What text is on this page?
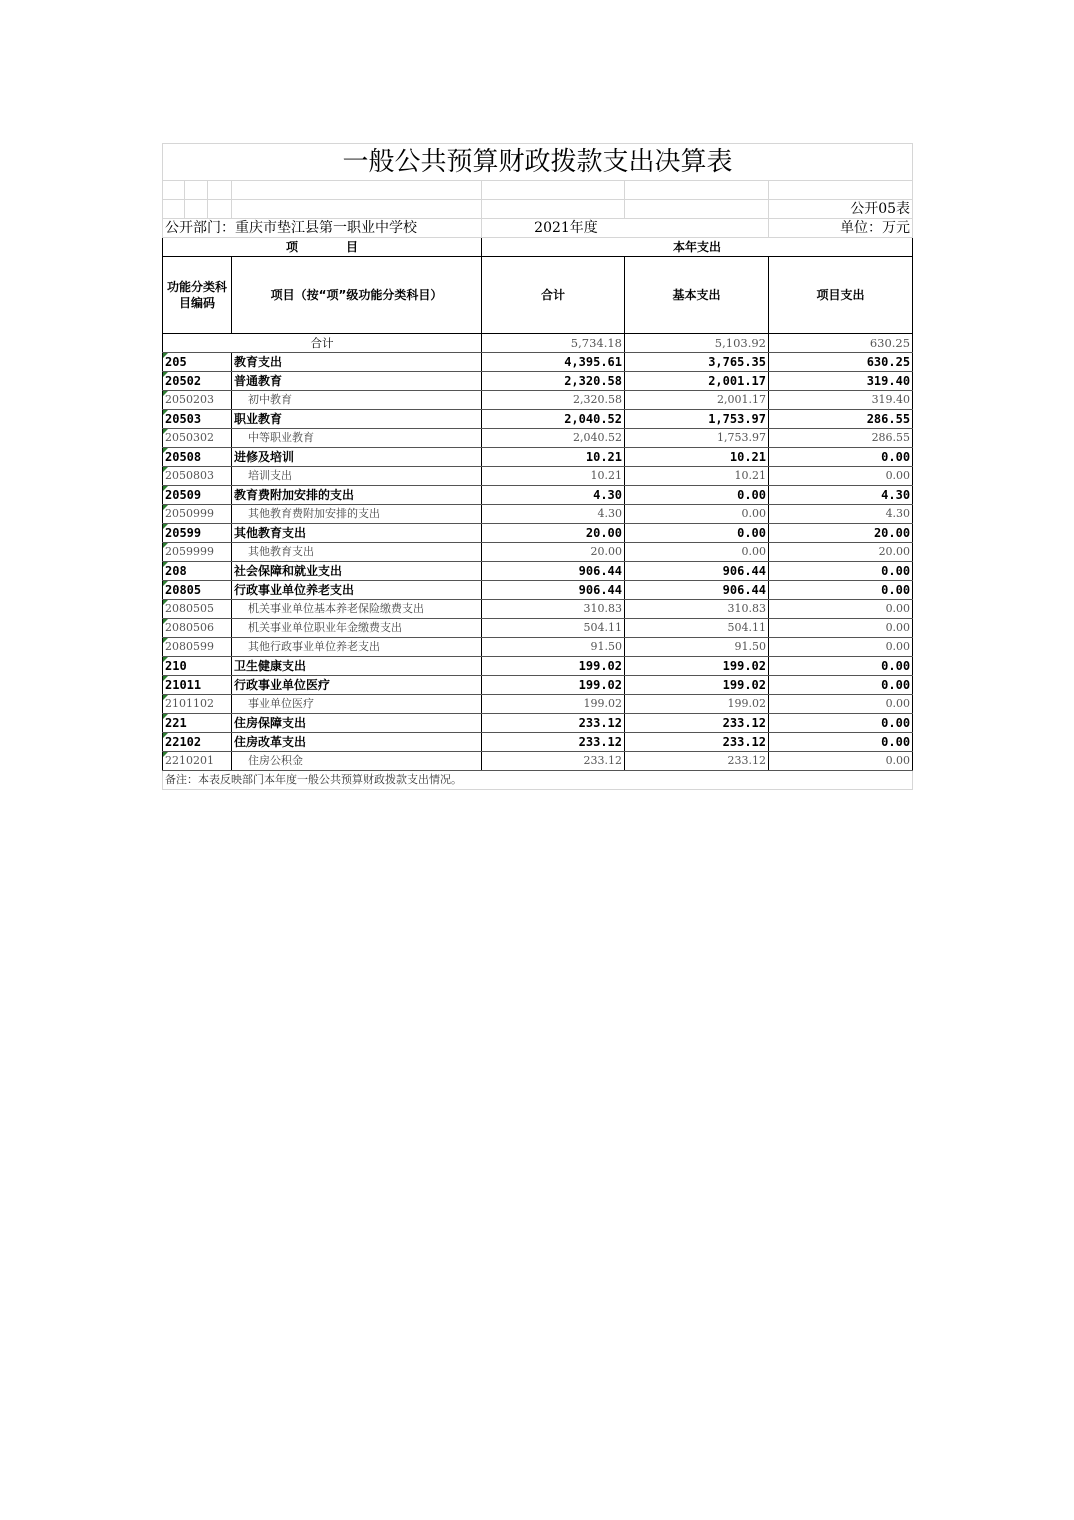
一般公共预算财政拨款支出决算表						

						公开05表
公开部门：重庆市垫江县第一职业中学校				2021年度		单位：万元
项　　　　目				本年支出		
功能分类科目编码			项目（按“项”级功能分类科目）	合计	基本支出	项目支出
合计				5,734.18	5,103.92	630.25
205			教育支出	4,395.61	3,765.35	630.25
20502			普通教育	2,320.58	2,001.17	319.40
2050203			初中教育	2,320.58	2,001.17	319.40
20503			职业教育	2,040.52	1,753.97	286.55
2050302			中等职业教育	2,040.52	1,753.97	286.55
20508			进修及培训	10.21	10.21	0.00
2050803			培训支出	10.21	10.21	0.00
20509			教育费附加安排的支出	4.30	0.00	4.30
2050999			其他教育费附加安排的支出	4.30	0.00	4.30
20599			其他教育支出	20.00	0.00	20.00
2059999			其他教育支出	20.00	0.00	20.00
208			社会保障和就业支出	906.44	906.44	0.00
20805			行政事业单位养老支出	906.44	906.44	0.00
2080505			机关事业单位基本养老保险缴费支出	310.83	310.83	0.00
2080506			机关事业单位职业年金缴费支出	504.11	504.11	0.00
2080599			其他行政事业单位养老支出	91.50	91.50	0.00
210			卫生健康支出	199.02	199.02	0.00
21011			行政事业单位医疗	199.02	199.02	0.00
2101102			事业单位医疗	199.02	199.02	0.00
221			住房保障支出	233.12	233.12	0.00
22102			住房改革支出	233.12	233.12	0.00
2210201			住房公积金	233.12	233.12	0.00
备注：本表反映部门本年度一般公共预算财政拨款支出情况。						
